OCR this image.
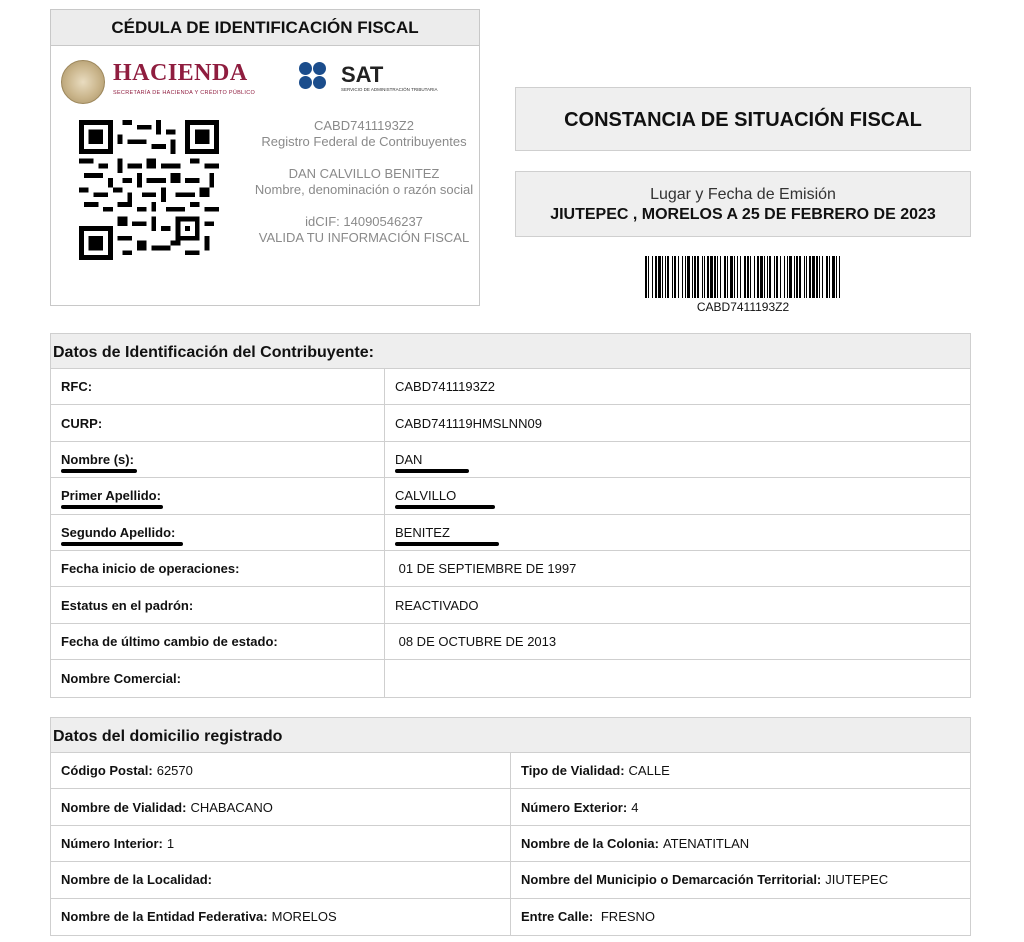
CÉDULA DE IDENTIFICACIÓN FISCAL
HACIENDA
SECRETARÍA DE HACIENDA Y CRÉDITO PÚBLICO
SAT
SERVICIO DE ADMINISTRACIÓN TRIBUTARIA
CABD7411193Z2
Registro Federal de Contribuyentes
DAN CALVILLO BENITEZ
Nombre, denominación o razón social
idCIF: 14090546237
VALIDA TU INFORMACIÓN FISCAL
CONSTANCIA DE SITUACIÓN FISCAL
Lugar y Fecha de Emisión
JIUTEPEC , MORELOS A 25 DE FEBRERO DE 2023
CABD7411193Z2
Datos de Identificación del Contribuyente:
RFC:	CABD7411193Z2
CURP:	CABD741119HMSLNN09
Nombre (s):	DAN
Primer Apellido:	CALVILLO
Segundo Apellido:	BENITEZ
Fecha inicio de operaciones:	01 DE SEPTIEMBRE DE 1997
Estatus en el padrón:	REACTIVADO
Fecha de último cambio de estado:	08 DE OCTUBRE DE 2013
Nombre Comercial:
Datos del domicilio registrado
Código Postal: 62570	Tipo de Vialidad: CALLE
Nombre de Vialidad: CHABACANO	Número Exterior: 4
Número Interior: 1	Nombre de la Colonia: ATENATITLAN
Nombre de la Localidad:	Nombre del Municipio o Demarcación Territorial: JIUTEPEC
Nombre de la Entidad Federativa: MORELOS	Entre Calle: FRESNO
